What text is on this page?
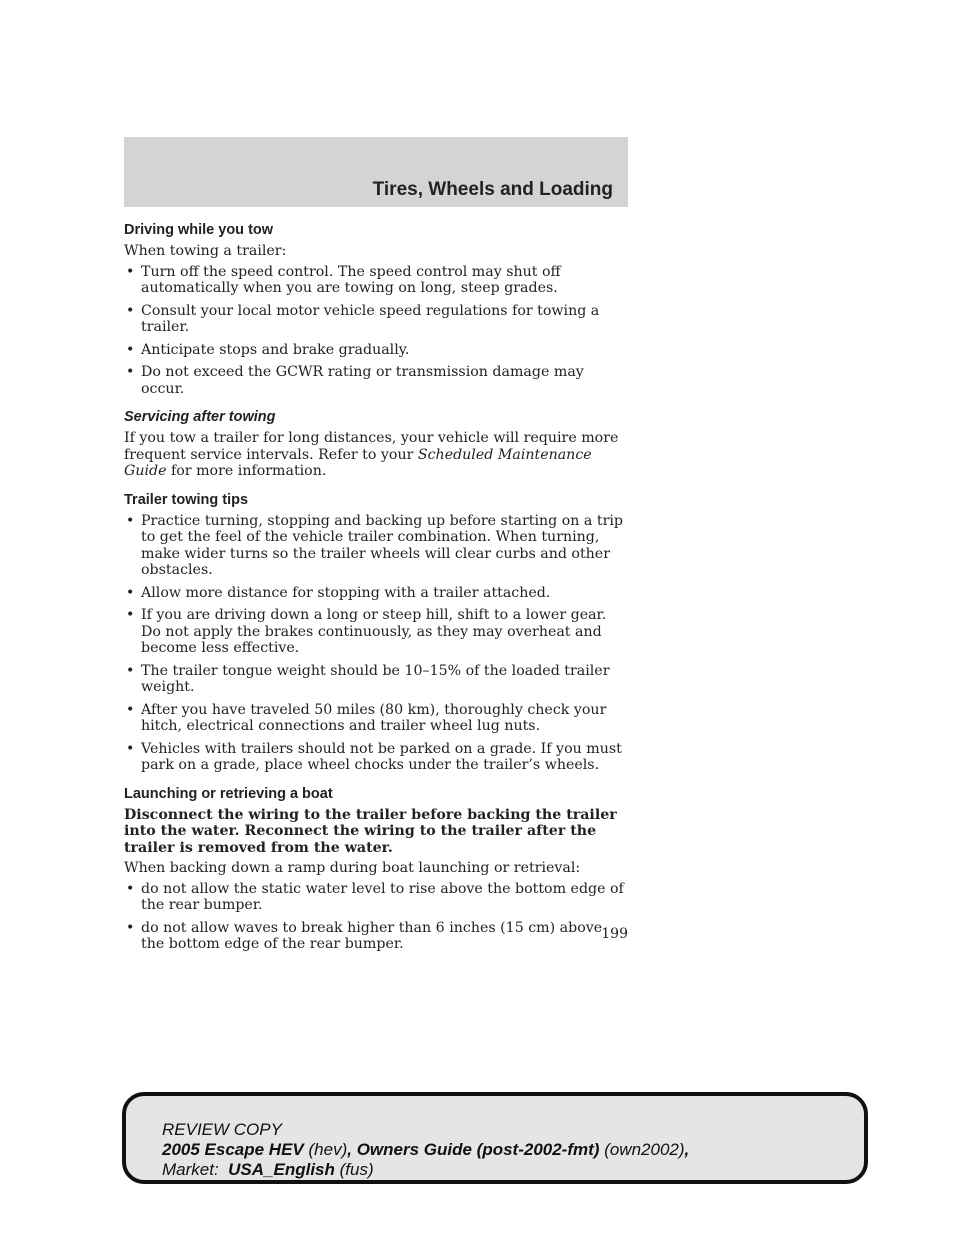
Tires, Wheels and Loading
Driving while you tow
When towing a trailer:
• Turn off the speed control. The speed control may shut off automatically when you are towing on long, steep grades.
• Consult your local motor vehicle speed regulations for towing a trailer.
• Anticipate stops and brake gradually.
• Do not exceed the GCWR rating or transmission damage may occur.
Servicing after towing
If you tow a trailer for long distances, your vehicle will require more frequent service intervals. Refer to your Scheduled Maintenance Guide for more information.
Trailer towing tips
• Practice turning, stopping and backing up before starting on a trip to get the feel of the vehicle trailer combination. When turning, make wider turns so the trailer wheels will clear curbs and other obstacles.
• Allow more distance for stopping with a trailer attached.
• If you are driving down a long or steep hill, shift to a lower gear. Do not apply the brakes continuously, as they may overheat and become less effective.
• The trailer tongue weight should be 10–15% of the loaded trailer weight.
• After you have traveled 50 miles (80 km), thoroughly check your hitch, electrical connections and trailer wheel lug nuts.
• Vehicles with trailers should not be parked on a grade. If you must park on a grade, place wheel chocks under the trailer’s wheels.
Launching or retrieving a boat
Disconnect the wiring to the trailer before backing the trailer into the water. Reconnect the wiring to the trailer after the trailer is removed from the water.
When backing down a ramp during boat launching or retrieval:
• do not allow the static water level to rise above the bottom edge of the rear bumper.
• do not allow waves to break higher than 6 inches (15 cm) above the bottom edge of the rear bumper.
199
REVIEW COPY
2005 Escape HEV (hev), Owners Guide (post-2002-fmt) (own2002),
Market: USA_English (fus)
